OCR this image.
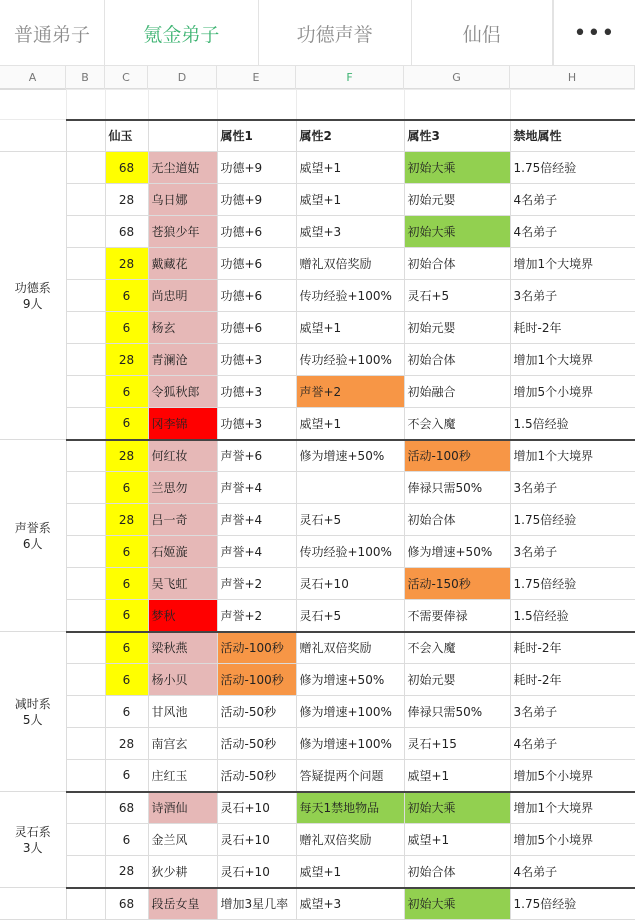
普通弟子	氪金弟子	功德声誉	仙侣	•••
A	B	C	D	E	F	G	H

		仙玉		属性1	属性2	属性3	禁地属性

功德系
9人		68	无尘道姑	功德+9	威望+1	初始大乘	1.75倍经验
		28	乌日娜	功德+9	威望+1	初始元婴	4名弟子
		68	苍狼少年	功德+6	威望+3	初始大乘	4名弟子
		28	戴藏花	功德+6	赠礼双倍奖励	初始合体	增加1个大境界
		6	尚忠明	功德+6	传功经验+100%	灵石+5	3名弟子
		6	杨玄	功德+6	威望+1	初始元婴	耗时-2年
		28	青澜沧	功德+3	传功经验+100%	初始合体	增加1个大境界
		6	令狐秋郎	功德+3	声誉+2	初始融合	增加5个小境界
		6	冈李锦	功德+3	威望+1	不会入魔	1.5倍经验

声誉系
6人		28	何红妆	声誉+6	修为增速+50%	活动-100秒	增加1个大境界
		6	兰思勿	声誉+4		俸禄只需50%	3名弟子
		28	吕一奇	声誉+4	灵石+5	初始合体	1.75倍经验
		6	石姬漩	声誉+4	传功经验+100%	修为增速+50%	3名弟子
		6	吴飞虹	声誉+2	灵石+10	活动-150秒	1.75倍经验
		6	梦秋	声誉+2	灵石+5	不需要俸禄	1.5倍经验

减时系
5人		6	梁秋燕	活动-100秒	赠礼双倍奖励	不会入魔	耗时-2年
		6	杨小贝	活动-100秒	修为增速+50%	初始元婴	耗时-2年
		6	甘风池	活动-50秒	修为增速+100%	俸禄只需50%	3名弟子
		28	南宫玄	活动-50秒	修为增速+100%	灵石+15	4名弟子
		6	庄红玉	活动-50秒	答疑提两个问题	威望+1	增加5个小境界

灵石系
3人		68	诗酒仙	灵石+10	每天1禁地物品	初始大乘	增加1个大境界
		6	金兰风	灵石+10	赠礼双倍奖励	威望+1	增加5个小境界
		28	狄少耕	灵石+10	威望+1	初始合体	4名弟子

		68	段岳女皇	增加3星几率	威望+3	初始大乘	1.75倍经验
